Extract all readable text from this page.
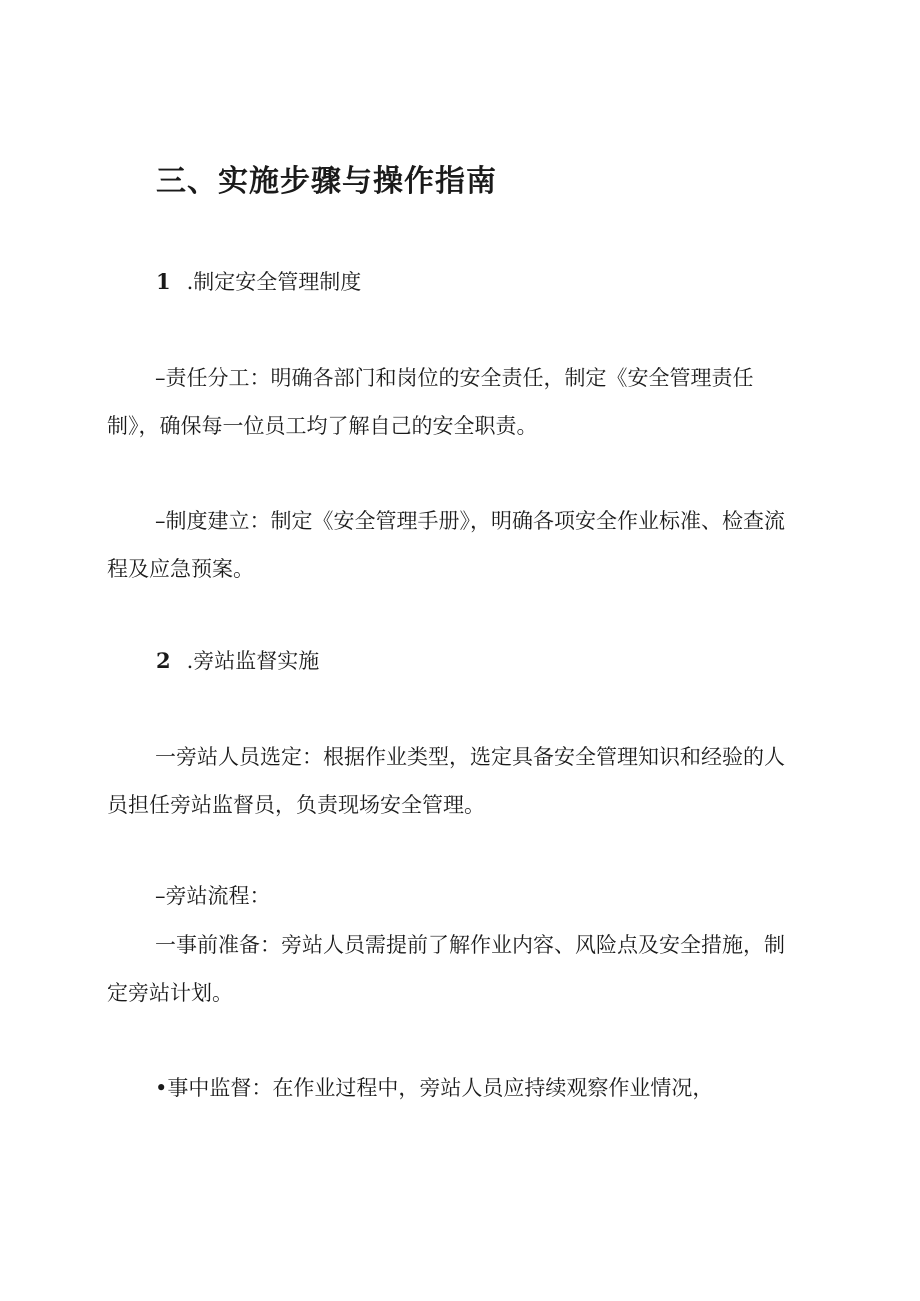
三、实施步骤与操作指南
1 .制定安全管理制度
–责任分工：明确各部门和岗位的安全责任，制定《安全管理责任
制》，确保每一位员工均了解自己的安全职责。
–制度建立：制定《安全管理手册》，明确各项安全作业标准、检查流
程及应急预案。
2 .旁站监督实施
一旁站人员选定：根据作业类型，选定具备安全管理知识和经验的人
员担任旁站监督员，负责现场安全管理。
–旁站流程：
一事前准备：旁站人员需提前了解作业内容、风险点及安全措施，制
定旁站计划。
•事中监督：在作业过程中，旁站人员应持续观察作业情况，
